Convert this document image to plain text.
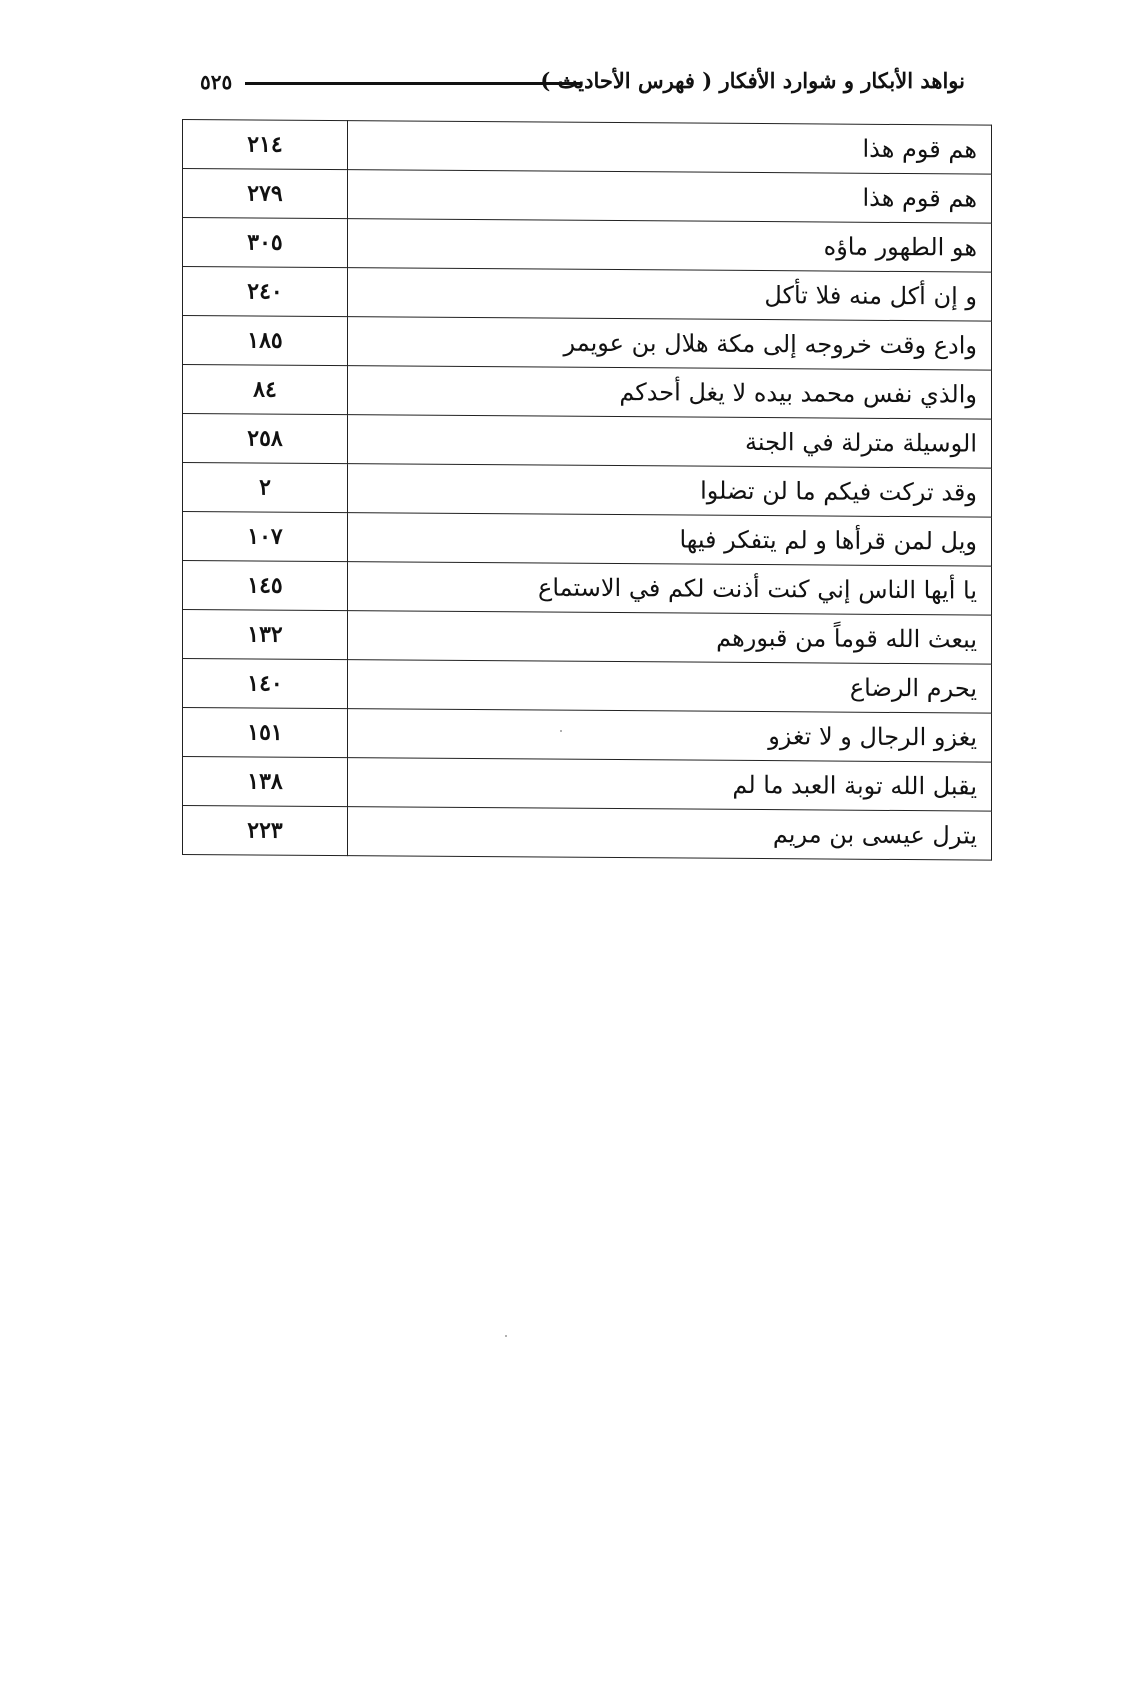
٥٢٥	نواهد الأبكار و شوارد الأفكار ( فهرس الأحاديث )
٢١٤	هم قوم هذا
٢٧٩	هم قوم هذا
٣٠٥	هو الطهور ماؤه
٢٤٠	و إن أكل منه فلا تأكل
١٨٥	وادع وقت خروجه إلى مكة هلال بن عويمر
٨٤	والذي نفس محمد بيده لا يغل أحدكم
٢٥٨	الوسيلة مترلة في الجنة
٢	وقد تركت فيكم ما لن تضلوا
١٠٧	ويل لمن قرأها و لم يتفكر فيها
١٤٥	يا أيها الناس إني كنت أذنت لكم في الاستماع
١٣٢	يبعث الله قوماً من قبورهم
١٤٠	يحرم الرضاع
١٥١	يغزو الرجال و لا تغزو
١٣٨	يقبل الله توبة العبد ما لم
٢٢٣	يترل عيسى بن مريم
